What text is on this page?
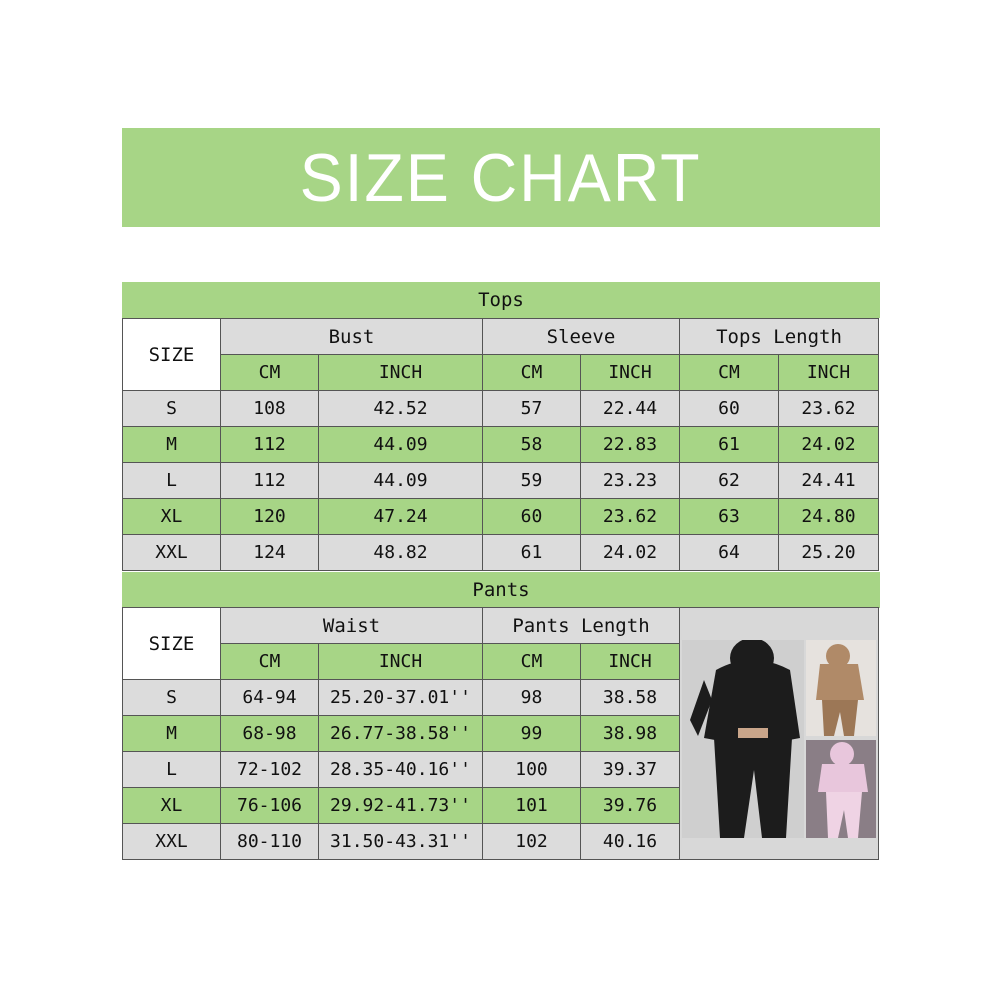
SIZE CHART
Tops
SIZE	Bust		Sleeve		Tops Length	
	CM	INCH	CM	INCH	CM	INCH
S	108	42.52	57	22.44	60	23.62
M	112	44.09	58	22.83	61	24.02
L	112	44.09	59	23.23	62	24.41
XL	120	47.24	60	23.62	63	24.80
XXL	124	48.82	61	24.02	64	25.20
Pants
SIZE	Waist		Pants Length	

	CM	INCH	CM	INCH	
S	64-94	25.20-37.01''	98	38.58	
M	68-98	26.77-38.58''	99	38.98	
L	72-102	28.35-40.16''	100	39.37	
XL	76-106	29.92-41.73''	101	39.76	
XXL	80-110	31.50-43.31''	102	40.16	
